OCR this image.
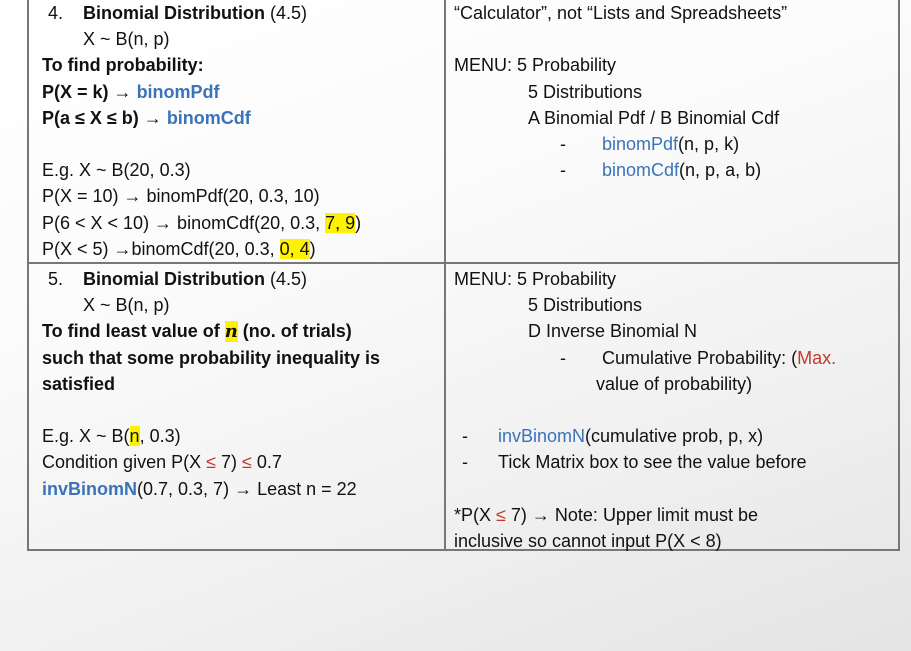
4. Binomial Distribution (4.5)
X ~ B(n, p)
To find probability:
P(X = k) → binomPdf
P(a ≤ X ≤ b) → binomCdf
E.g. X ~ B(20, 0.3)
P(X = 10) → binomPdf(20, 0.3, 10)
P(6 < X < 10) → binomCdf(20, 0.3, 7, 9)
P(X < 5) →binomCdf(20, 0.3, 0, 4)
“Calculator”, not “Lists and Spreadsheets”
MENU: 5 Probability
5 Distributions
A Binomial Pdf / B Binomial Cdf
- binomPdf(n, p, k)
- binomCdf(n, p, a, b)
5. Binomial Distribution (4.5)
X ~ B(n, p)
To find least value of n (no. of trials)
such that some probability inequality is
satisfied
E.g. X ~ B(n, 0.3)
Condition given P(X ≤ 7) ≤ 0.7
invBinomN(0.7, 0.3, 7) → Least n = 22
MENU: 5 Probability
5 Distributions
D Inverse Binomial N
- Cumulative Probability: (Max.
value of probability)
- invBinomN(cumulative prob, p, x)
- Tick Matrix box to see the value before
*P(X ≤ 7) → Note: Upper limit must be
inclusive so cannot input P(X < 8)
